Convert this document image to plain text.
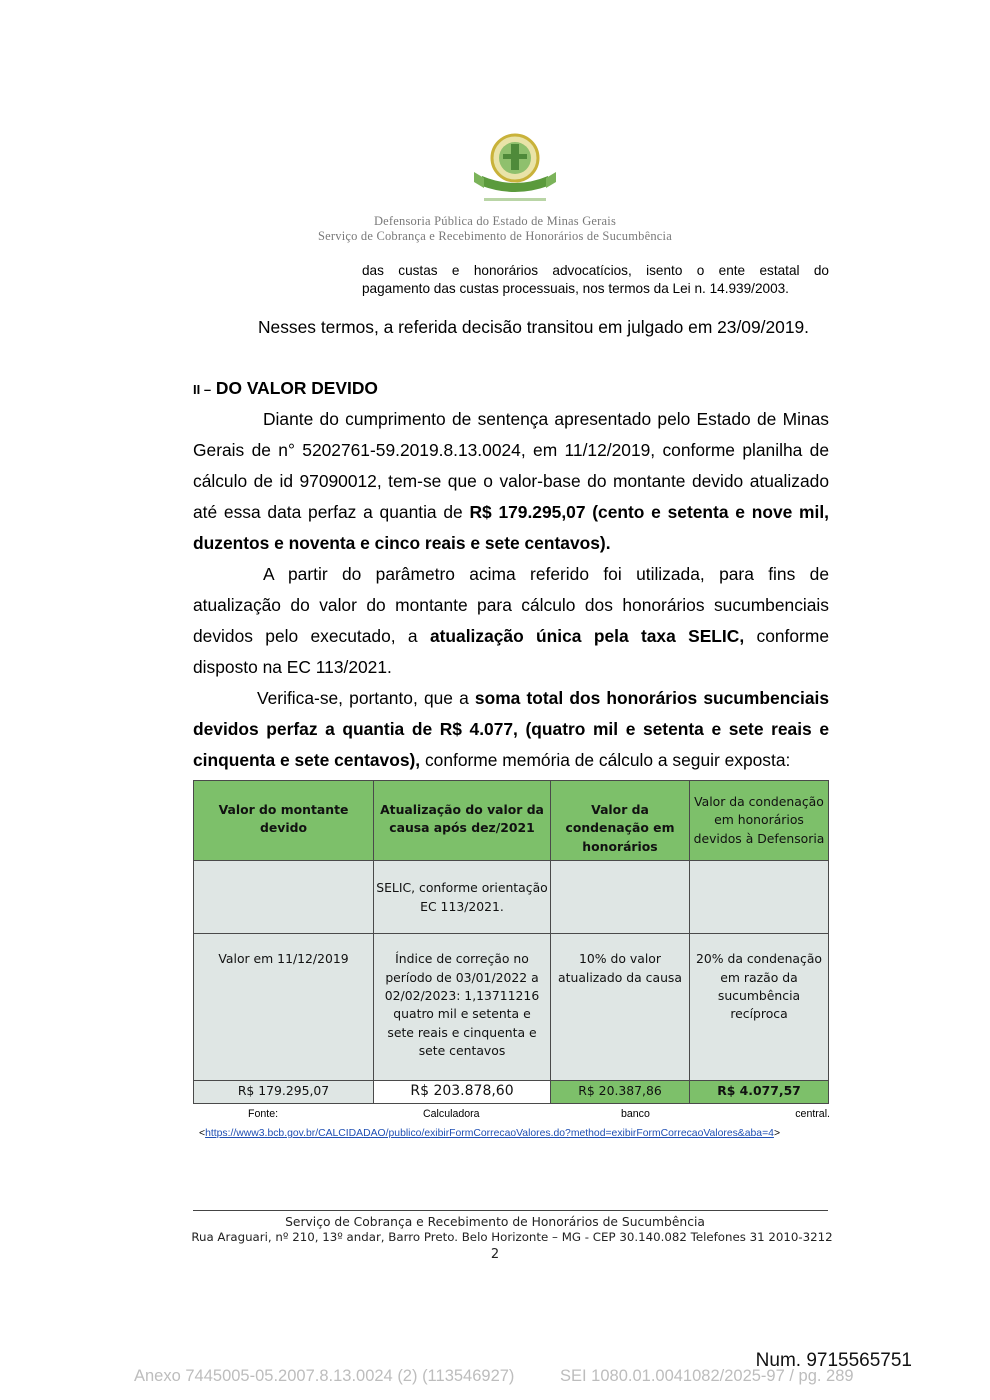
Defensoria Pública do Estado de Minas Gerais
Serviço de Cobrança e Recebimento de Honorários de Sucumbência
das custas e honorários advocatícios, isento o ente estatal do
pagamento das custas processuais, nos termos da Lei n. 14.939/2003.
Nesses termos, a referida decisão transitou em julgado em 23/09/2019.
II – DO VALOR DEVIDO
Diante do cumprimento de sentença apresentado pelo Estado de Minas
Gerais de n° 5202761-59.2019.8.13.0024, em 11/12/2019, conforme planilha de
cálculo de id 97090012, tem-se que o valor-base do montante devido atualizado
até essa data perfaz a quantia de R$ 179.295,07 (cento e setenta e nove mil,
duzentos e noventa e cinco reais e sete centavos).
A partir do parâmetro acima referido foi utilizada, para fins de
atualização do valor do montante para cálculo dos honorários sucumbenciais
devidos pelo executado, a atualização única pela taxa SELIC, conforme
disposto na EC 113/2021.
Verifica-se, portanto, que a soma total dos honorários sucumbenciais
devidos perfaz a quantia de R$ 4.077, (quatro mil e setenta e sete reais e
cinquenta e sete centavos), conforme memória de cálculo a seguir exposta:
Valor do montante devido	Atualização do valor da causa após dez/2021	Valor da condenação em honorários	Valor da condenação em honorários devidos à Defensoria

	SELIC, conforme orientação EC 113/2021.		

Valor em 11/12/2019	Índice de correção no período de 03/01/2022 a 02/02/2023: 1,13711216 quatro mil e setenta e sete reais e cinquenta e sete centavos	10% do valor atualizado da causa	20% da condenação em razão da sucumbência recíproca

R$ 179.295,07	R$ 203.878,60	R$ 20.387,86	R$ 4.077,57
Fonte:	Calculadora	banco	central.
<https://www3.bcb.gov.br/CALCIDADAO/publico/exibirFormCorrecaoValores.do?method=exibirFormCorrecaoValores&aba=4>
Serviço de Cobrança e Recebimento de Honorários de Sucumbência
Rua Araguari, nº 210, 13º andar, Barro Preto. Belo Horizonte – MG - CEP 30.140.082 Telefones 31 2010-3212
2
Num. 9715565751
Anexo 7445005-05.2007.8.13.0024 (2) (113546927)	SEI 1080.01.0041082/2025-97 / pg. 289
